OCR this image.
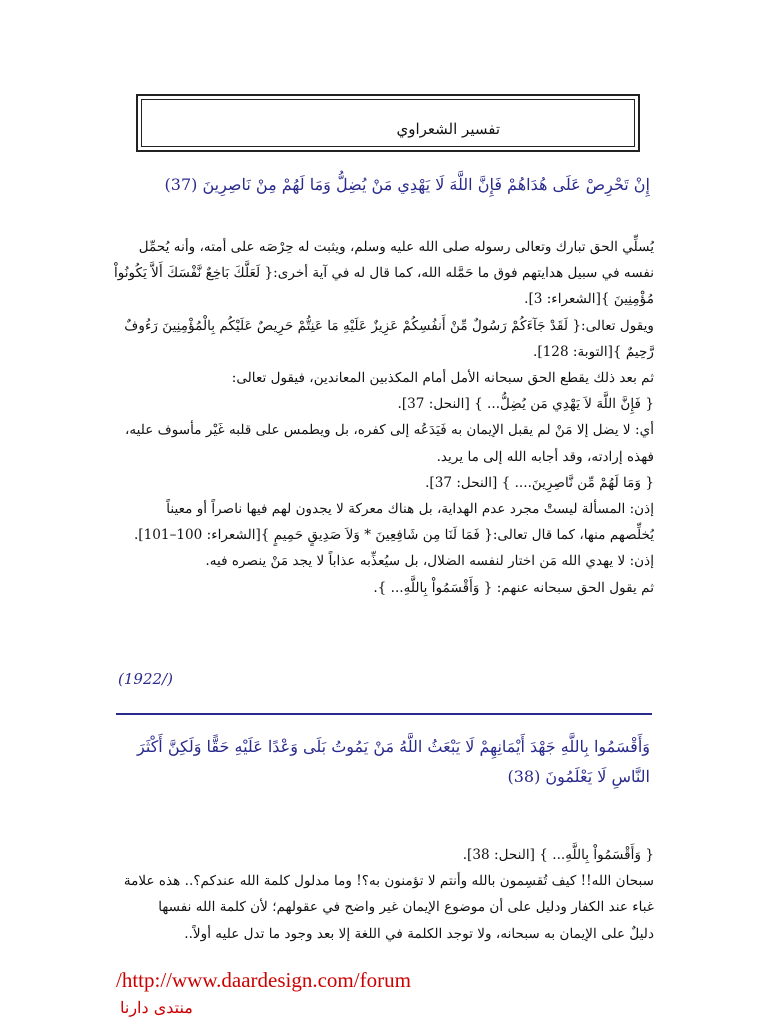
تفسير الشعراوي
إِنْ تَحْرِصْ عَلَى هُدَاهُمْ فَإِنَّ اللَّهَ لَا يَهْدِي مَنْ يُضِلُّ وَمَا لَهُمْ مِنْ نَاصِرِينَ (37)

يُسلِّي الحق تبارك وتعالى رسوله صلى الله عليه وسلم، ويثبت له حِرْصَه على أمته، وأنه يُحمِّل

نفسه في سبيل هدايتهم فوق ما حَمَّله الله، كما قال له في آية أخرى:{ لَعَلَّكَ بَاخِعٌ نَّفْسَكَ أَلاَّ يَكُونُواْ

مُؤْمِنِينَ }[الشعراء: 3].

ويقول تعالى:{ لَقَدْ جَآءَكُمْ رَسُولٌ مِّنْ أَنفُسِكُمْ عَزِيزٌ عَلَيْهِ مَا عَنِتُّمْ حَرِيصٌ عَلَيْكُم بِالْمُؤْمِنِينَ رَءُوفٌ

رَّحِيمٌ }[التوبة: 128].

ثم بعد ذلك يقطع الحق سبحانه الأمل أمام المكذبين المعاندين، فيقول تعالى:

{ فَإِنَّ اللَّهَ لاَ يَهْدِي مَن يُضِلُّ... } [النحل: 37].

أي: لا يضل إلا مَنْ لم يقبل الإيمان به فَيَدَعُه إلى كفره، بل ويطمس على قلبه غَيْر مأسوف عليه،

فهذه إرادته، وقد أجابه الله إلى ما يريد.

{ وَمَا لَهُمْ مِّن نَّاصِرِينَ.... } [النحل: 37].

إذن: المسألة ليستْ مجرد عدم الهداية، بل هناك معركة لا يجدون لهم فيها ناصراً أو معيناً

يُخلِّصهم منها، كما قال تعالى:{ فَمَا لَنَا مِن شَافِعِينَ * وَلاَ صَدِيقٍ حَمِيمٍ }[الشعراء: 100–101].

إذن: لا يهدي الله مَن اختار لنفسه الضلال، بل سيُعذِّبه عذاباً لا يجد مَنْ ينصره فيه.

ثم يقول الحق سبحانه عنهم: { وَأَقْسَمُواْ بِاللَّهِ... }.

(1922/)
وَأَقْسَمُوا بِاللَّهِ جَهْدَ أَيْمَانِهِمْ لَا يَبْعَثُ اللَّهُ مَنْ يَمُوتُ بَلَى وَعْدًا عَلَيْهِ حَقًّا وَلَكِنَّ أَكْثَرَ النَّاسِ لَا يَعْلَمُونَ (38)

{ وَأَقْسَمُواْ بِاللَّهِ... } [النحل: 38].

سبحان الله!! كيف تُقسِمون بالله وأنتم لا تؤمنون به؟! وما مدلول كلمة الله عندكم؟.. هذه علامة

غباء عند الكفار ودليل على أن موضوع الإيمان غير واضح في عقولهم؛ لأن كلمة الله نفسها

دليلٌ على الإيمان به سبحانه، ولا توجد الكلمة في اللغة إلا بعد وجود ما تدل عليه أولاً..

/http://www.daardesign.com/forum
منتدى دارنا
